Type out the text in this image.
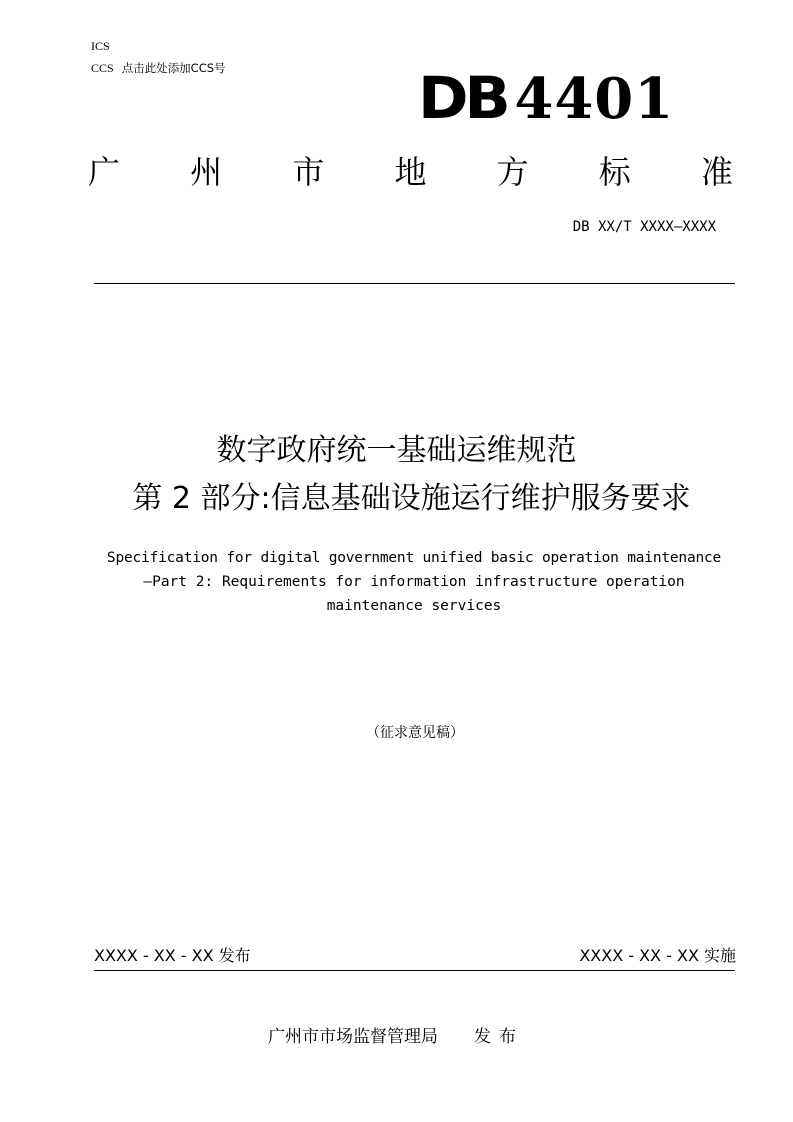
ICS
CCS 点击此处添加CCS号	DB 4401
广 州 市 地 方 标 准
DB XX/T XXXX—XXXX
数字政府统一基础运维规范
第 2 部分:信息基础设施运行维护服务要求
Specification for digital government unified basic operation maintenance
—Part 2: Requirements for information infrastructure operation
maintenance services
（征求意见稿）
XXXX - XX - XX 发布	XXXX - XX - XX 实施
广州市市场监督管理局 发布
